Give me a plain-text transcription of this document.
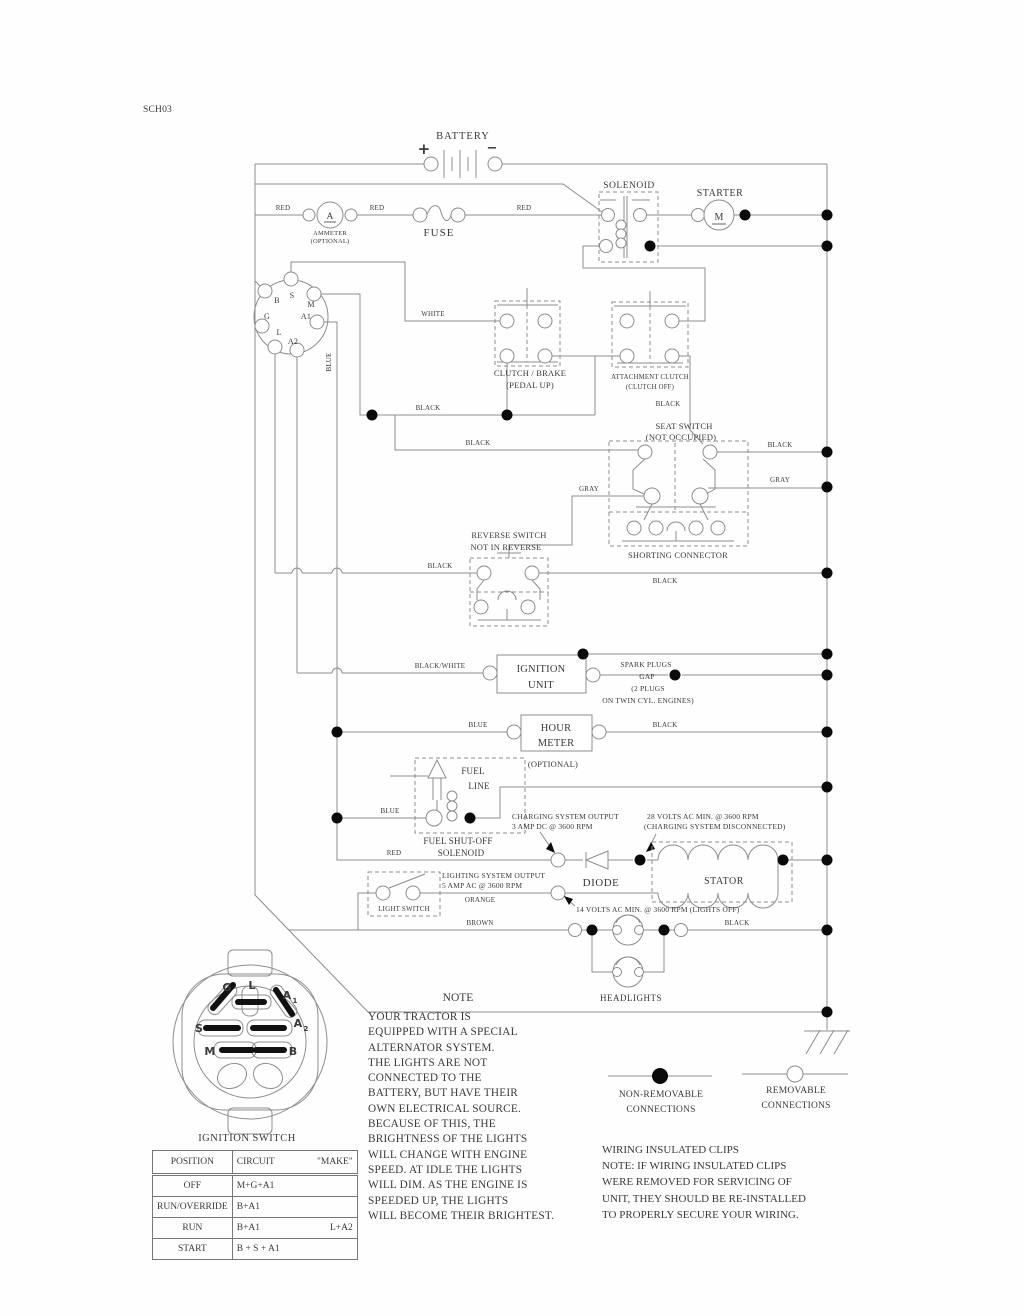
SCH03
BATTERY
+	−
A
AMMETER
(OPTIONAL)
FUSE
SOLENOID
STARTER
M
B
S
M
G	A1
L
A2
CLUTCH / BRAKE
(PEDAL UP)
ATTACHMENT CLUTCH
(CLUTCH OFF)
SEAT SWITCH
(NOT OCCUPIED)
SHORTING CONNECTOR
REVERSE SWITCH
NOT IN REVERSE
IGNITION
UNIT
SPARK PLUGS
GAP
(2 PLUGS
ON TWIN CYL. ENGINES)
HOUR
METER
(OPTIONAL)
FUEL
LINE
FUEL SHUT-OFF
SOLENOID
CHARGING SYSTEM OUTPUT
3 AMP DC @ 3600 RPM
28 VOLTS AC MIN. @ 3600 RPM
(CHARGING SYSTEM DISCONNECTED)
DIODE	STATOR
LIGHT SWITCH
LIGHTING SYSTEM OUTPUT
5 AMP AC @ 3600 RPM
14 VOLTS AC MIN. @ 3600 RPM (LIGHTS OFF)
HEADLIGHTS
RED	RED	RED
WHITE
BLUE
BLACK
BLACK
BLACK
BLACK
GRAY
GRAY
BLACK
BLACK
BLACK/WHITE
BLUE	BLACK
BLUE
RED
ORANGE
BROWN	BLACK
G L
A 1
A 2
S
M	B
IGNITION SWITCH
NON-REMOVABLE
CONNECTIONS
REMOVABLE
CONNECTIONS
NOTE
YOUR TRACTOR IS
EQUIPPED WITH A SPECIAL
ALTERNATOR SYSTEM.
THE LIGHTS ARE NOT
CONNECTED TO THE
BATTERY, BUT HAVE THEIR
OWN ELECTRICAL SOURCE.
BECAUSE OF THIS, THE
BRIGHTNESS OF THE LIGHTS
WILL CHANGE WITH ENGINE
SPEED. AT IDLE THE LIGHTS
WILL DIM. AS THE ENGINE IS
SPEEDED UP, THE LIGHTS
WILL BECOME THEIR BRIGHTEST.
WIRING INSULATED CLIPS
NOTE: IF WIRING INSULATED CLIPS
WERE REMOVED FOR SERVICING OF
UNIT, THEY SHOULD BE RE-INSTALLED
TO PROPERLY SECURE YOUR WIRING.
POSITION	CIRCUIT "MAKE"

OFF	M+G+A1
RUN/OVERRIDE	B+A1
RUN	B+A1 L+A2

START	B + S + A1
